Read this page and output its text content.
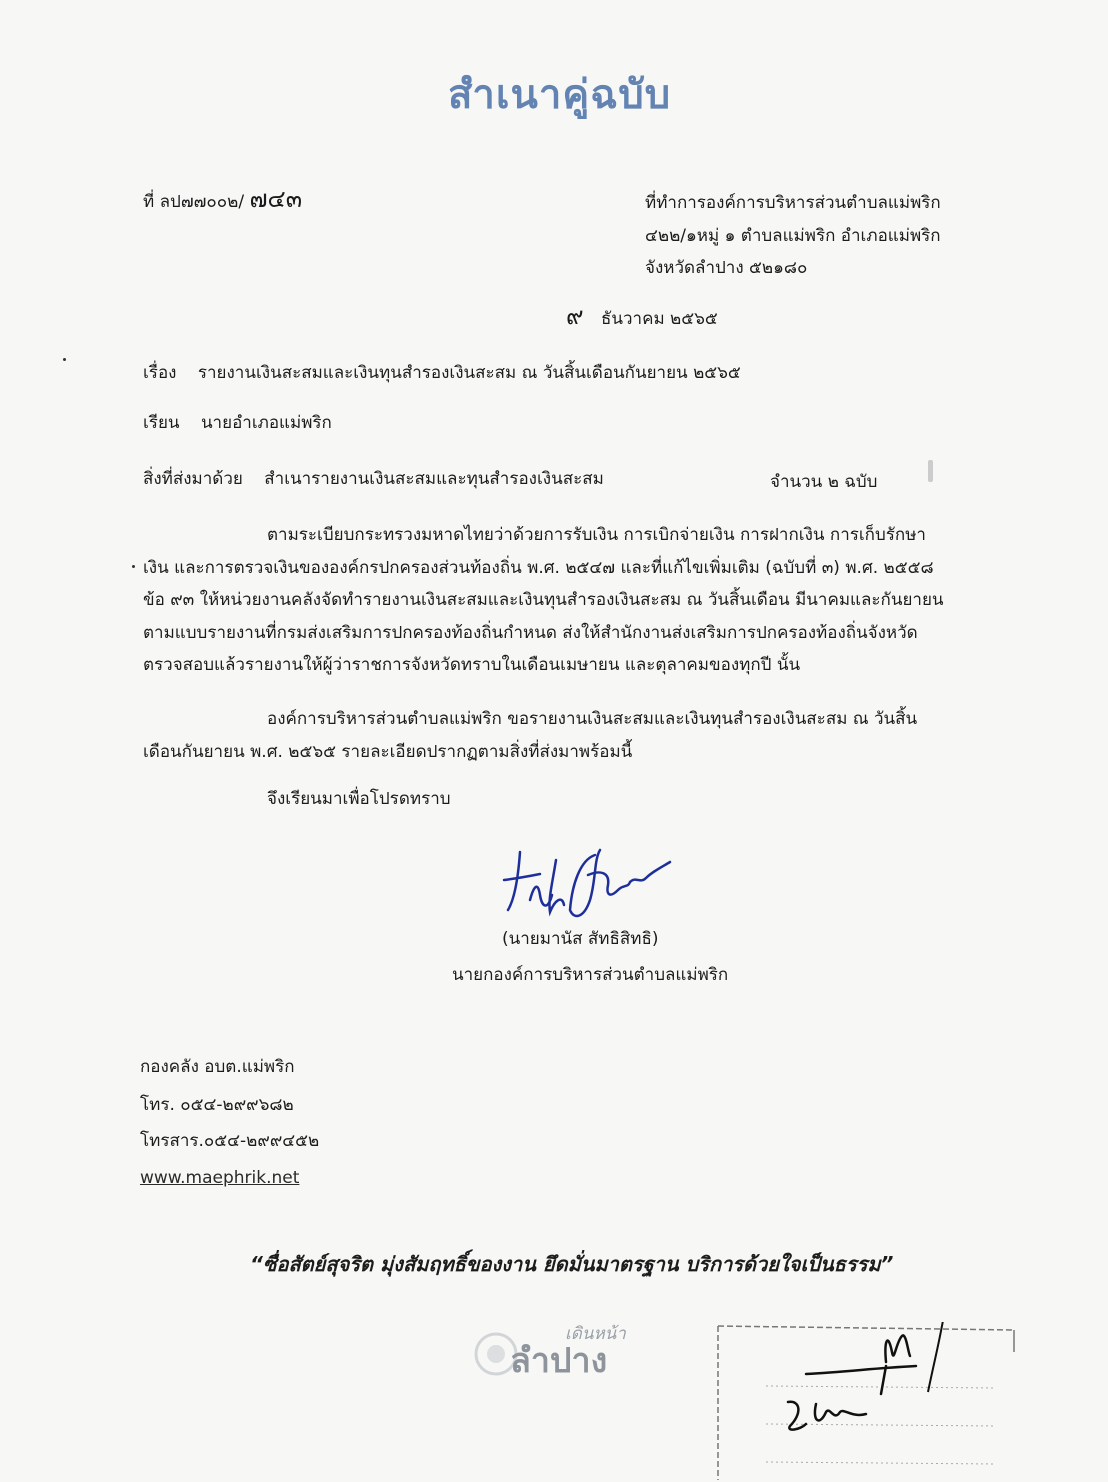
สำเนาคู่ฉบับ
ที่ ลป๗๗๐๐๒/ ๗๔๓	ที่ทำการองค์การบริหารส่วนตำบลแม่พริก
๔๒๒/๑หมู่ ๑ ตำบลแม่พริก อำเภอแม่พริก
จังหวัดลำปาง ๕๒๑๘๐
๙ ธันวาคม ๒๕๖๕
เรื่อง รายงานเงินสะสมและเงินทุนสำรองเงินสะสม ณ วันสิ้นเดือนกันยายน ๒๕๖๕
เรียน นายอำเภอแม่พริก
สิ่งที่ส่งมาด้วย สำเนารายงานเงินสะสมและทุนสำรองเงินสะสม	จำนวน ๒ ฉบับ
ตามระเบียบกระทรวงมหาดไทยว่าด้วยการรับเงิน การเบิกจ่ายเงิน การฝากเงิน การเก็บรักษา
เงิน และการตรวจเงินขององค์กรปกครองส่วนท้องถิ่น พ.ศ. ๒๕๔๗ และที่แก้ไขเพิ่มเติม (ฉบับที่ ๓) พ.ศ. ๒๕๕๘
ข้อ ๙๓ ให้หน่วยงานคลังจัดทำรายงานเงินสะสมและเงินทุนสำรองเงินสะสม ณ วันสิ้นเดือน มีนาคมและกันยายน
ตามแบบรายงานที่กรมส่งเสริมการปกครองท้องถิ่นกำหนด ส่งให้สำนักงานส่งเสริมการปกครองท้องถิ่นจังหวัด
ตรวจสอบแล้วรายงานให้ผู้ว่าราชการจังหวัดทราบในเดือนเมษายน และตุลาคมของทุกปี นั้น
องค์การบริหารส่วนตำบลแม่พริก ขอรายงานเงินสะสมและเงินทุนสำรองเงินสะสม ณ วันสิ้น
เดือนกันยายน พ.ศ. ๒๕๖๕ รายละเอียดปรากฏตามสิ่งที่ส่งมาพร้อมนี้
จึงเรียนมาเพื่อโปรดทราบ
(นายมานัส สัทธิสิทธิ)
นายกองค์การบริหารส่วนตำบลแม่พริก
กองคลัง อบต.แม่พริก
โทร. ๐๕๔-๒๙๙๖๘๒
โทรสาร.๐๕๔-๒๙๙๔๕๒
www.maephrik.net
“ซื่อสัตย์สุจริต มุ่งสัมฤทธิ์ของงาน ยึดมั่นมาตรฐาน บริการด้วยใจเป็นธรรม”
เดินหน้า
ลำปาง
